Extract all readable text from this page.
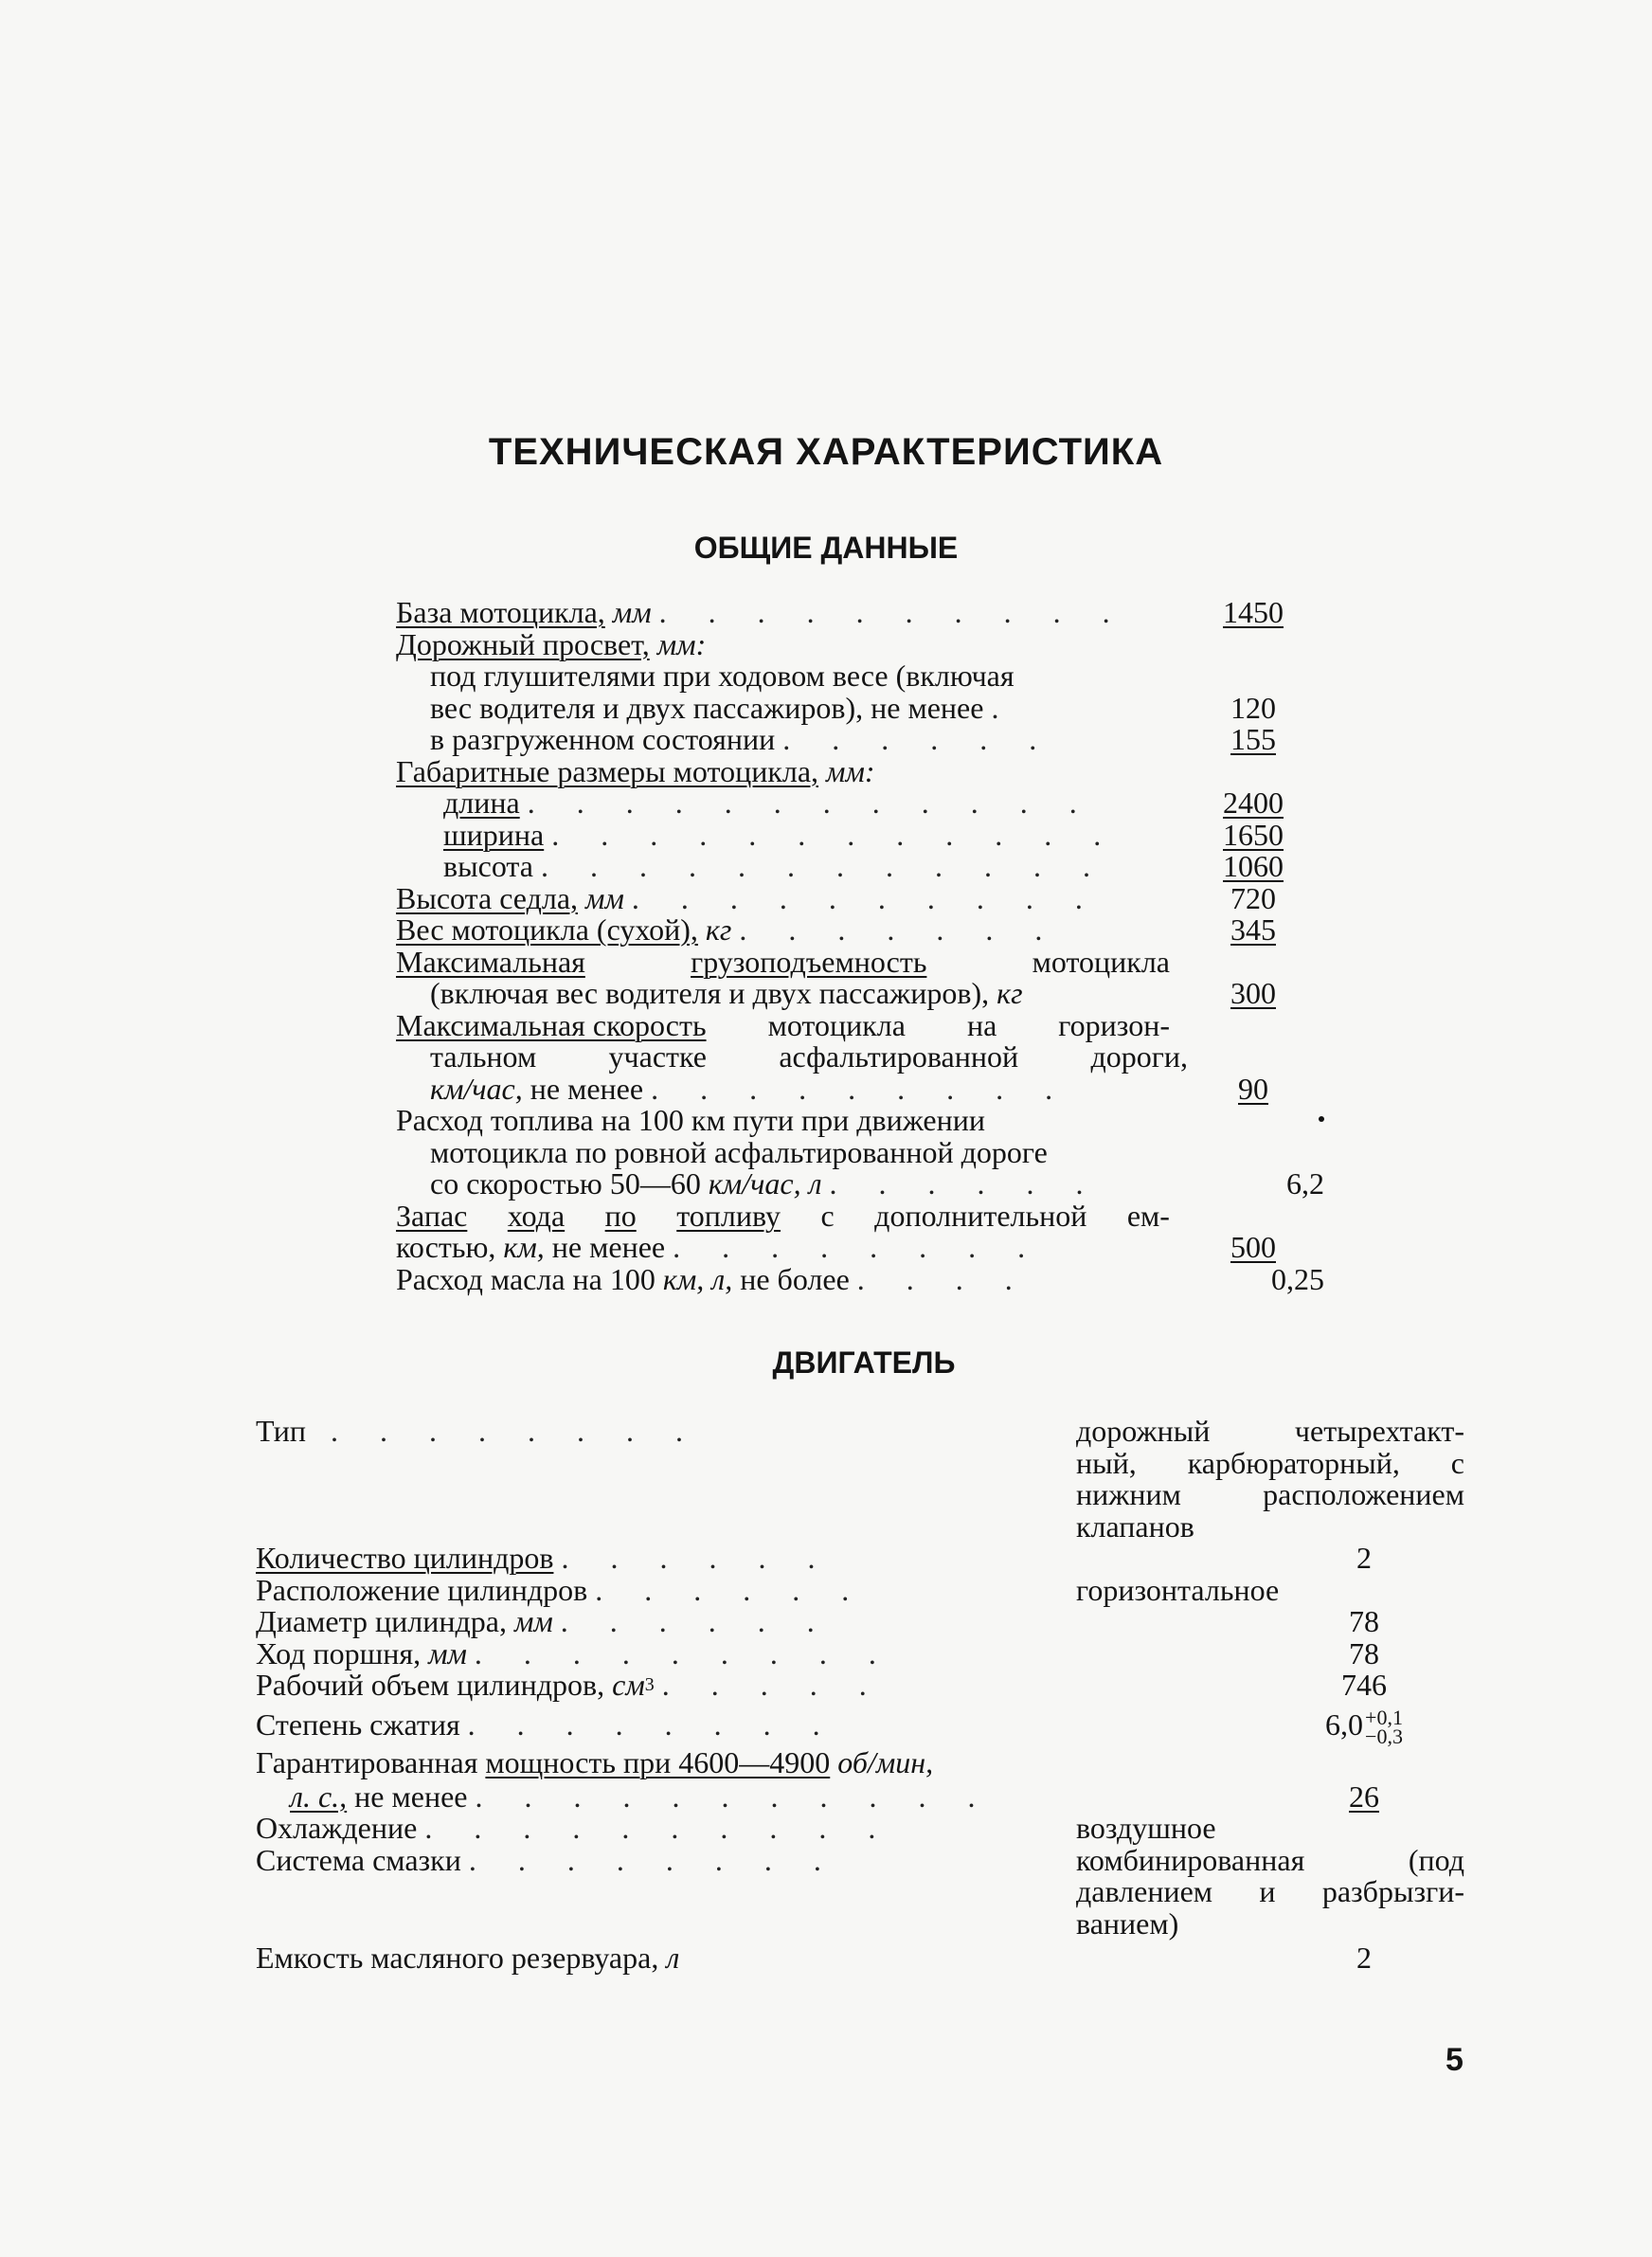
ТЕХНИЧЕСКАЯ ХАРАКТЕРИСТИКА
ОБЩИЕ ДАННЫЕ
База мотоцикла, мм . . . . . . . . . .	1450
Дорожный просвет, мм:
под глушителями при ходовом весе (включая
вес водителя и двух пассажиров), не менее .	120
в разгруженном состоянии . . . . . .	155
Габаритные размеры мотоцикла, мм:
длина . . . . . . . . . . . .	2400
ширина . . . . . . . . . . . .	1650
высота . . . . . . . . . . . .	1060
Высота седла, мм . . . . . . . . . .	720
Вес мотоцикла (сухой), кг . . . . . . .	345
Максимальная	грузоподъемность	мотоцикла
(включая вес водителя и двух пассажиров), кг	300
Максимальная скорость мотоцикла на горизон-
тальном участке асфальтированной дороги,
км/час, не менее . . . . . . . . .	90
Расход топлива на 100 км пути при движении
мотоцикла по ровной асфальтированной дороге
со скоростью 50—60 км/час, л . . . . . .	6,2
Запас хода по топливу с дополнительной ем-
костью, км, не менее . . . . . . . .	500
Расход масла на 100 км, л, не более . . . .	0,25
ДВИГАТЕЛЬ
Тип . . . . . . . .	дорожный	четырехтакт-
ный, карбюраторный, с
нижним	расположением
клапанов
Количество цилиндров . . . . . .	2
Расположение цилиндров . . . . . .	горизонтальное
Диаметр цилиндра, мм . . . . . .	78
Ход поршня, мм . . . . . . . . .	78
Рабочий объем цилиндров, $см^3$ . . . . .	746
Степень сжатия . . . . . . . .	6,0+0,1
−0,3
Гарантированная мощность при 4600—4900 об/мин,
л. с., не менее . . . . . . . . . . .	26
Охлаждение . . . . . . . . . .	воздушное
Система смазки . . . . . . . .	комбинированная	(под
давлением и разбрызги-
ванием)
Емкость масляного резервуара, л	2
5
